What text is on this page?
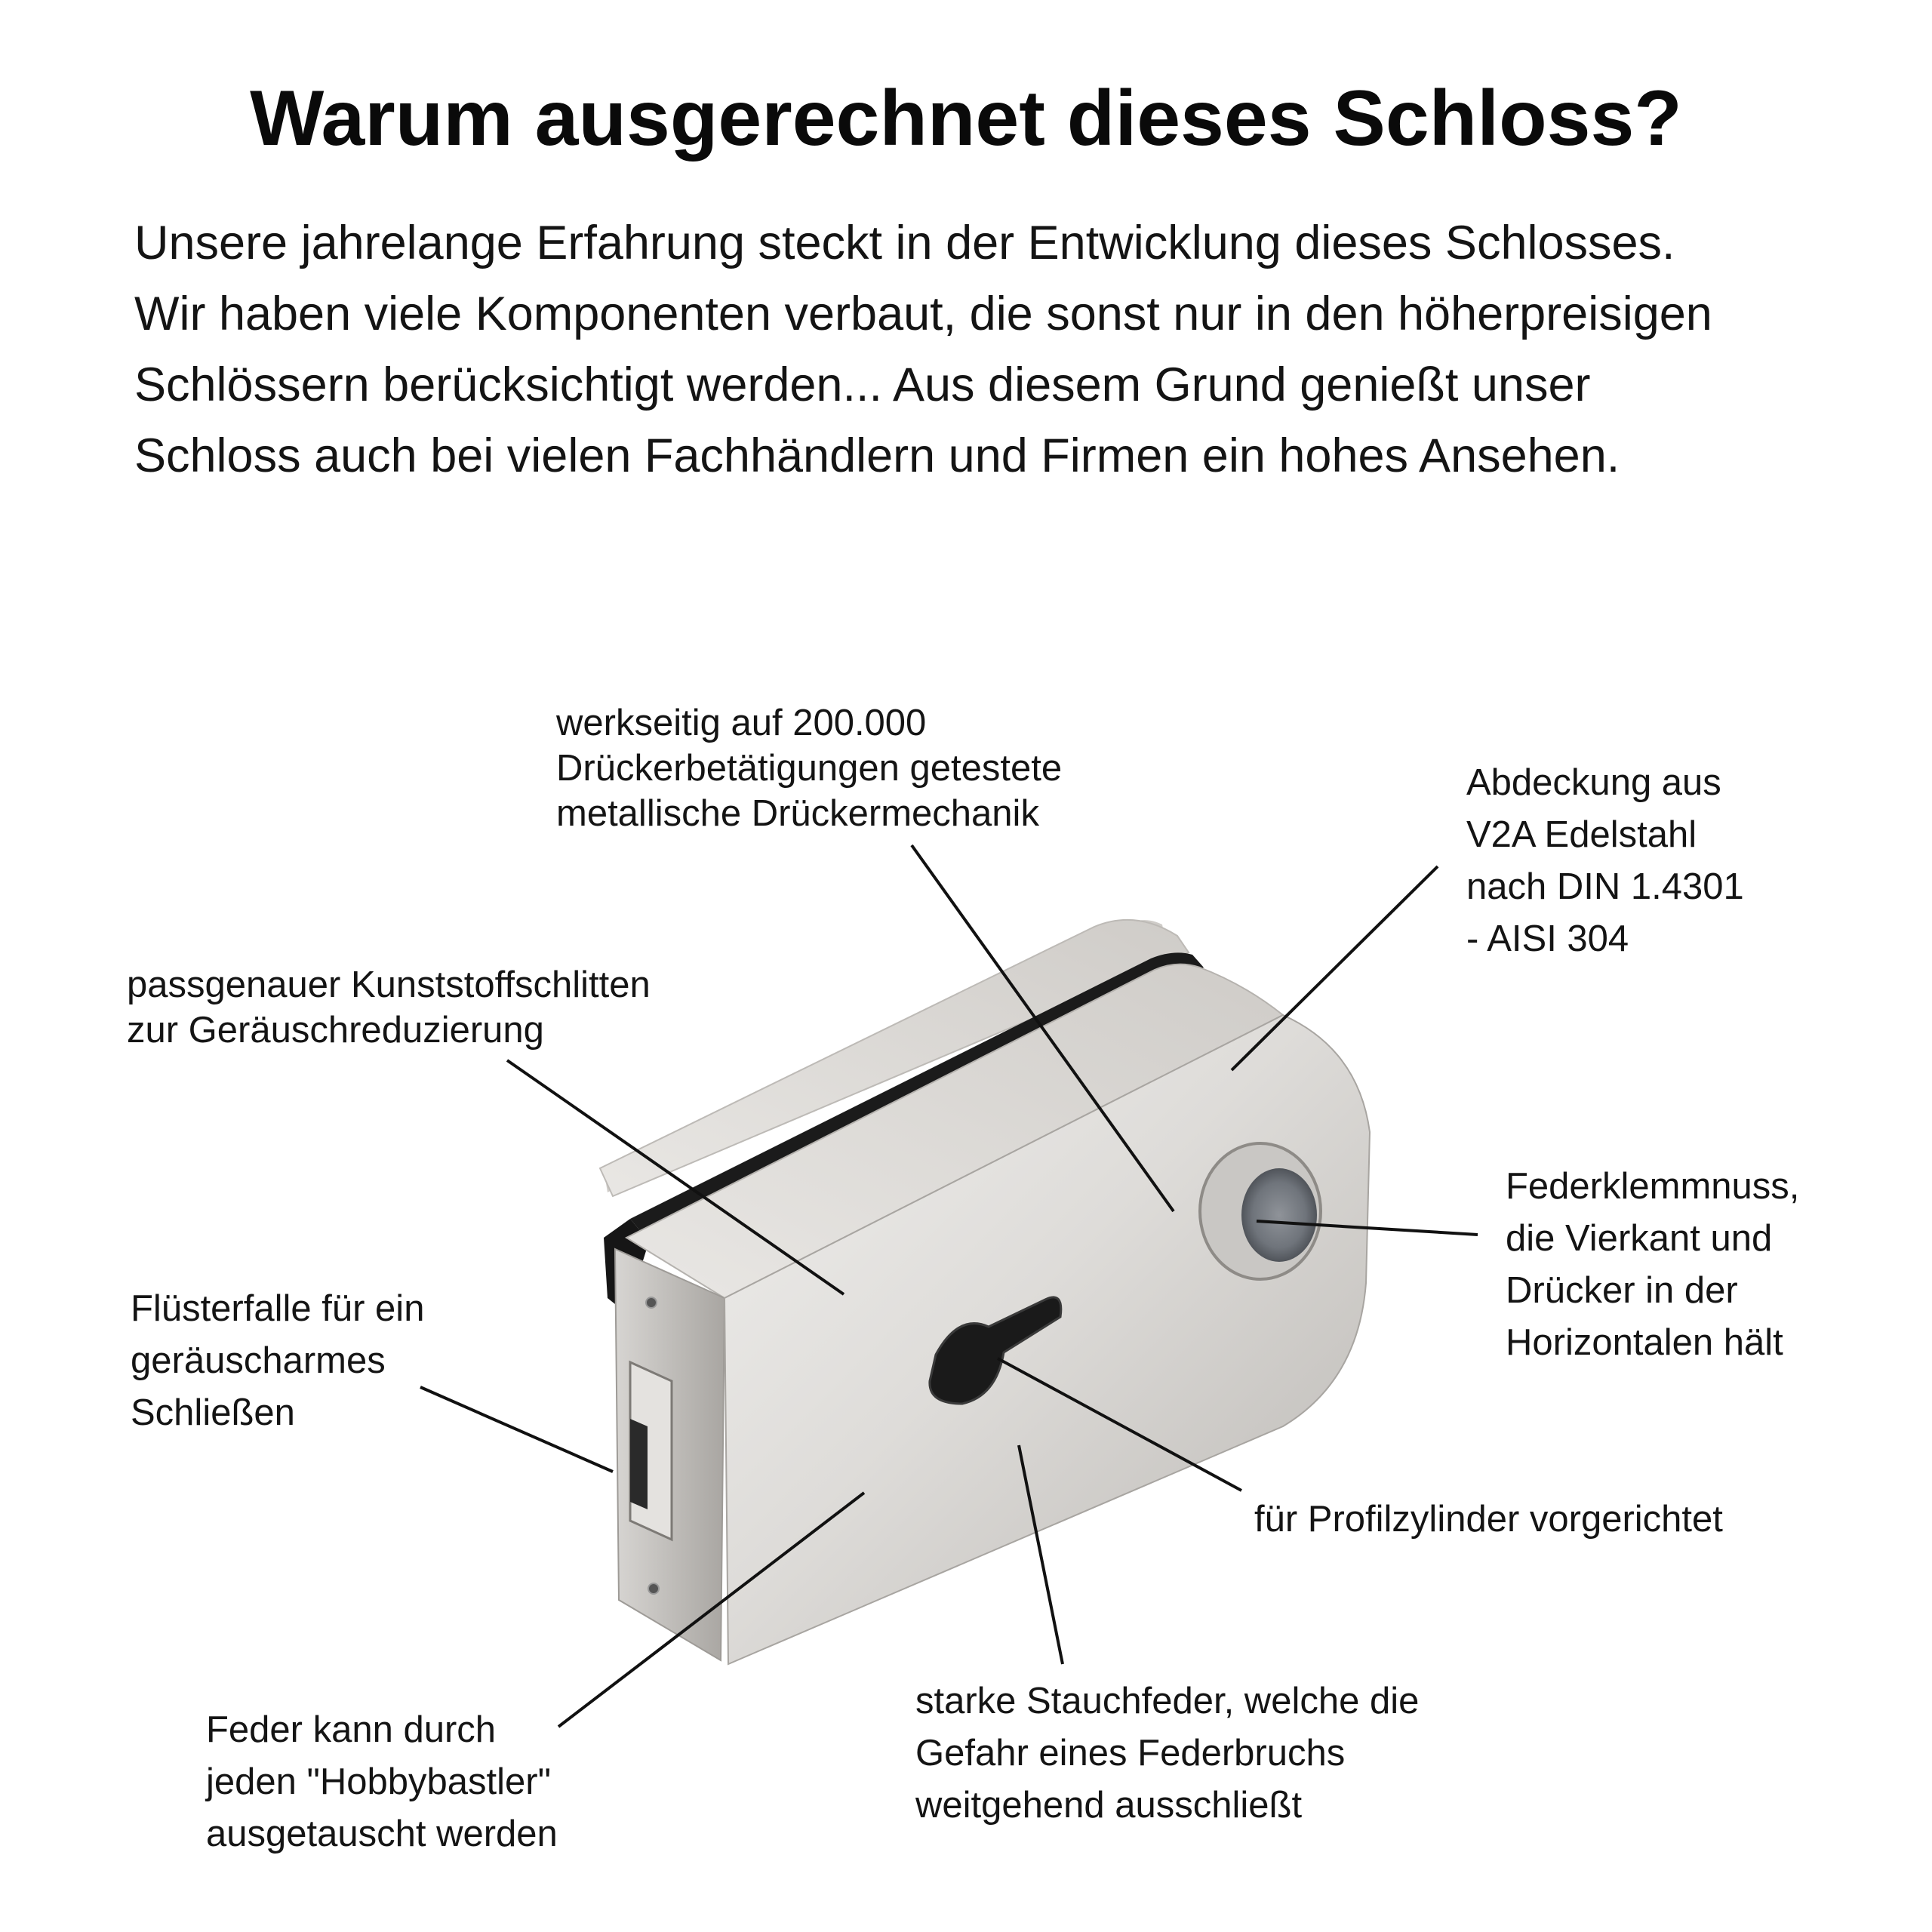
Warum ausgerechnet dieses Schloss?
Unsere jahrelange Erfahrung steckt in der Entwicklung dieses Schlosses.
Wir haben viele Komponenten verbaut, die sonst nur in den höherpreisigen
Schlössern berücksichtigt werden... Aus diesem Grund genießt unser
Schloss auch bei vielen Fachhändlern und Firmen ein hohes Ansehen.
werkseitig auf 200.000
Drückerbetätigungen getestete
metallische Drückermechanik
Abdeckung aus
V2A Edelstahl
nach DIN 1.4301
- AISI 304
passgenauer Kunststoffschlitten
zur Geräuschreduzierung
Federklemmnuss,
die Vierkant und
Drücker in der
Horizontalen hält
Flüsterfalle für ein
geräuscharmes
Schließen
für Profilzylinder vorgerichtet
Feder kann durch
jeden "Hobbybastler"
ausgetauscht werden
starke Stauchfeder, welche die
Gefahr eines Federbruchs
weitgehend ausschließt
